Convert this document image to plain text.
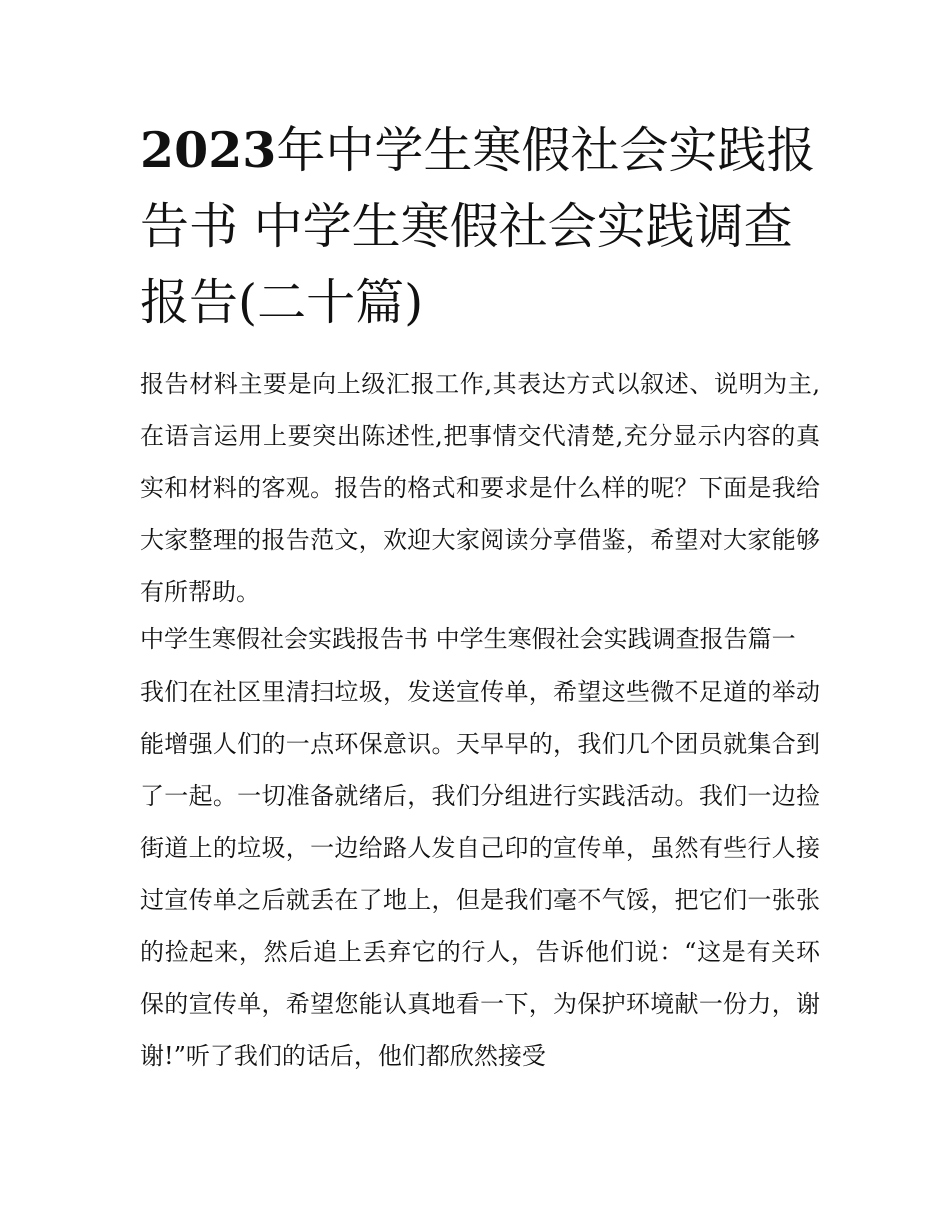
2023年中学生寒假社会实践报告书 中学生寒假社会实践调查报告(二十篇)

报告材料主要是向上级汇报工作,其表达方式以叙述、说明为主,在语言运用上要突出陈述性,把事情交代清楚,充分显示内容的真实和材料的客观。报告的格式和要求是什么样的呢？下面是我给大家整理的报告范文，欢迎大家阅读分享借鉴，希望对大家能够有所帮助。

中学生寒假社会实践报告书 中学生寒假社会实践调查报告篇一

我们在社区里清扫垃圾，发送宣传单，希望这些微不足道的举动能增强人们的一点环保意识。天早早的，我们几个团员就集合到了一起。一切准备就绪后，我们分组进行实践活动。我们一边捡街道上的垃圾，一边给路人发自己印的宣传单，虽然有些行人接过宣传单之后就丢在了地上，但是我们毫不气馁，把它们一张张的捡起来，然后追上丢弃它的行人，告诉他们说：“这是有关环保的宣传单，希望您能认真地看一下，为保护环境献一份力，谢谢!”听了我们的话后，他们都欣然接受
